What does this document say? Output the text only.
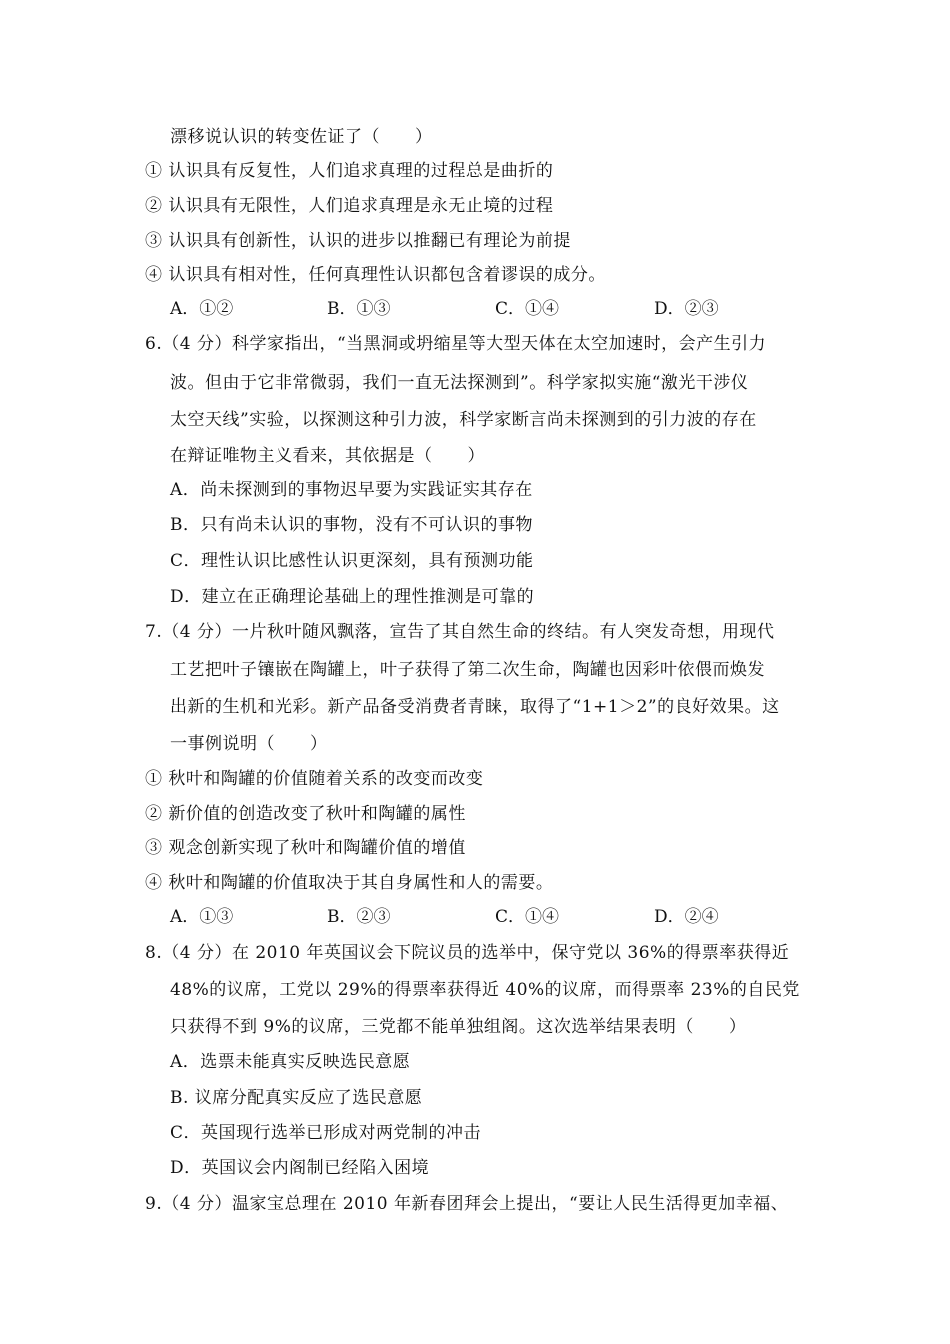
漂移说认识的转变佐证了（　　）
① 认识具有反复性，人们追求真理的过程总是曲折的
② 认识具有无限性，人们追求真理是永无止境的过程
③ 认识具有创新性，认识的进步以推翻已有理论为前提
④ 认识具有相对性，任何真理性认识都包含着谬误的成分。
A．①②	B．①③	C．①④	D．②③
6.（4 分）科学家指出，“当黑洞或坍缩星等大型天体在太空加速时，会产生引力
波。但由于它非常微弱，我们一直无法探测到”。科学家拟实施“激光干涉仪
太空天线”实验，以探测这种引力波，科学家断言尚未探测到的引力波的存在
在辩证唯物主义看来，其依据是（　　）
A．尚未探测到的事物迟早要为实践证实其存在
B．只有尚未认识的事物，没有不可认识的事物
C．理性认识比感性认识更深刻，具有预测功能
D．建立在正确理论基础上的理性推测是可靠的
7.（4 分）一片秋叶随风飘落，宣告了其自然生命的终结。有人突发奇想，用现代
工艺把叶子镶嵌在陶罐上，叶子获得了第二次生命，陶罐也因彩叶依偎而焕发
出新的生机和光彩。新产品备受消费者青睐，取得了“1+1＞2”的良好效果。这
一事例说明（　　）
① 秋叶和陶罐的价值随着关系的改变而改变
② 新价值的创造改变了秋叶和陶罐的属性
③ 观念创新实现了秋叶和陶罐价值的增值
④ 秋叶和陶罐的价值取决于其自身属性和人的需要。
A．①③	B．②③	C．①④	D．②④
8.（4 分）在 2010 年英国议会下院议员的选举中，保守党以 36%的得票率获得近
48%的议席，工党以 29%的得票率获得近 40%的议席，而得票率 23%的自民党
只获得不到 9%的议席，三党都不能单独组阁。这次选举结果表明（　　）
A．选票未能真实反映选民意愿
B. 议席分配真实反应了选民意愿
C．英国现行选举已形成对两党制的冲击
D．英国议会内阁制已经陷入困境
9.（4 分）温家宝总理在 2010 年新春团拜会上提出，“要让人民生活得更加幸福、
